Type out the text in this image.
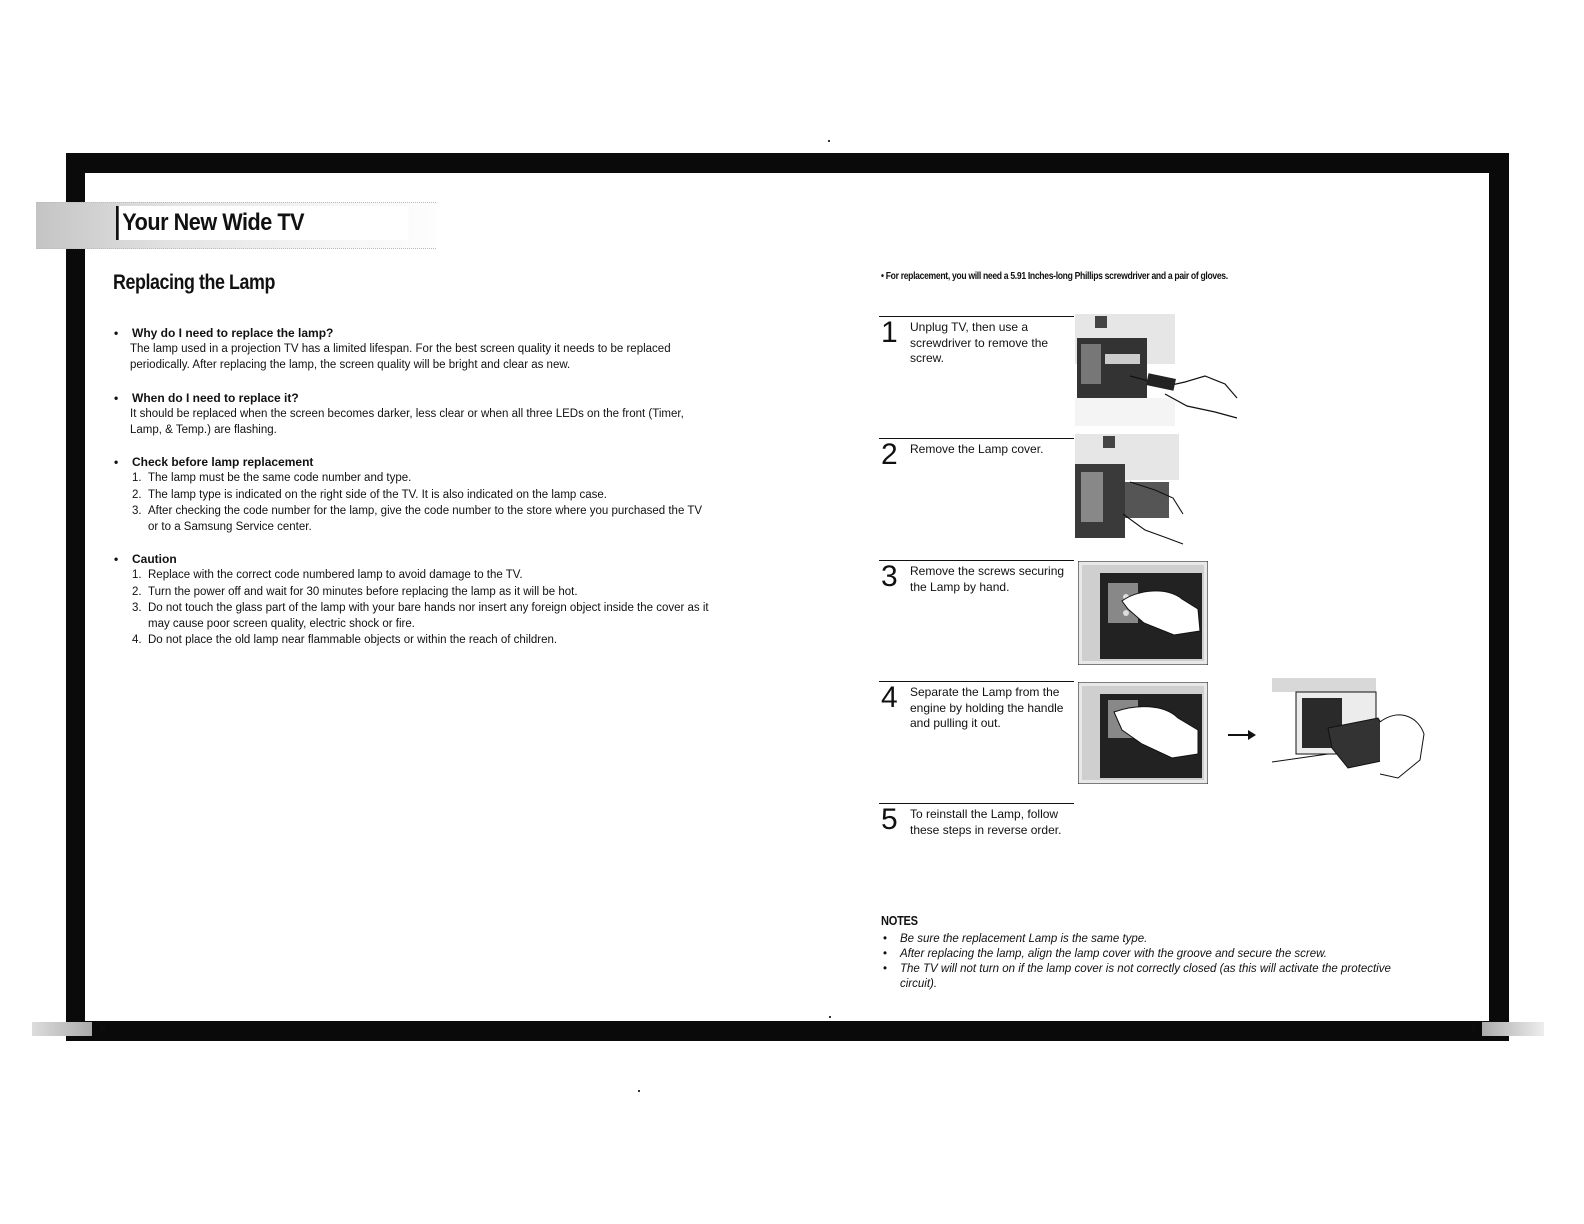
Your New Wide TV
Replacing the Lamp
• Why do I need to replace the lamp?
The lamp used in a projection TV has a limited lifespan. For the best screen quality it needs to be replaced periodically. After replacing the lamp, the screen quality will be bright and clear as new.
• When do I need to replace it?
It should be replaced when the screen becomes darker, less clear or when all three LEDs on the front (Timer, Lamp, & Temp.) are flashing.
• Check before lamp replacement
1. The lamp must be the same code number and type.
2. The lamp type is indicated on the right side of the TV. It is also indicated on the lamp case.
3. After checking the code number for the lamp, give the code number to the store where you purchased the TV or to a Samsung Service center.
• Caution
1. Replace with the correct code numbered lamp to avoid damage to the TV.
2. Turn the power off and wait for 30 minutes before replacing the lamp as it will be hot.
3. Do not touch the glass part of the lamp with your bare hands nor insert any foreign object inside the cover as it may cause poor screen quality, electric shock or fire.
4. Do not place the old lamp near flammable objects or within the reach of children.
• For replacement, you will need a 5.91 Inches-long Phillips screwdriver and a pair of gloves.
1 Unplug TV, then use a screwdriver to remove the screw.
2 Remove the Lamp cover.
3 Remove the screws securing the Lamp by hand.
4 Separate the Lamp from the engine by holding the handle and pulling it out.
5 To reinstall the Lamp, follow these steps in reverse order.
NOTES
• Be sure the replacement Lamp is the same type.
• After replacing the lamp, align the lamp cover with the groove and secure the screw.
• The TV will not turn on if the lamp cover is not correctly closed (as this will activate the protective circuit).
6	7
